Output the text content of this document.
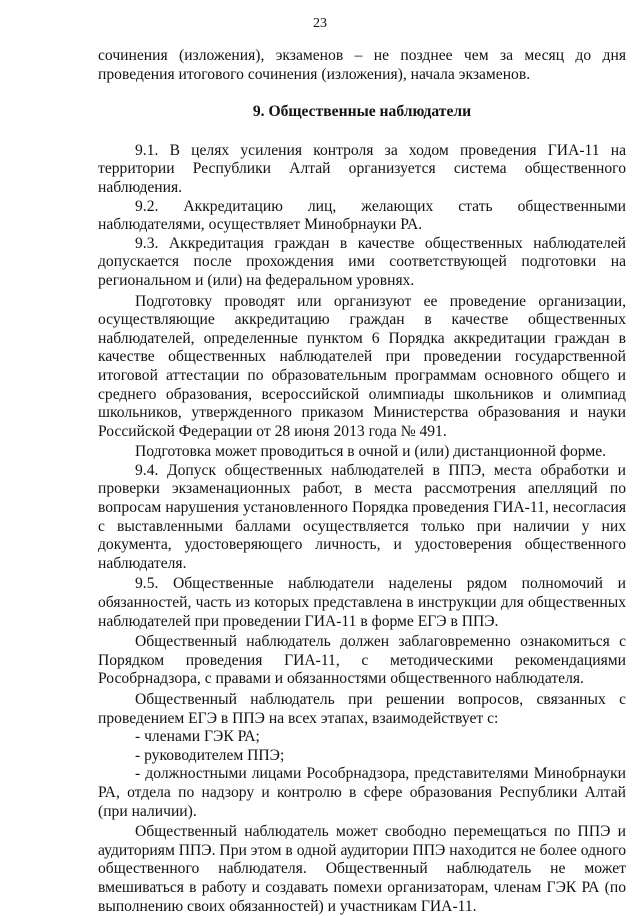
23

сочинения (изложения), экзаменов – не позднее чем за месяц до дня проведения итогового сочинения (изложения), начала экзаменов.

9. Общественные наблюдатели

9.1. В целях усиления контроля за ходом проведения ГИА-11 на территории Республики Алтай организуется система общественного наблюдения.

9.2. Аккредитацию лиц, желающих стать общественными наблюдателями, осуществляет Минобрнауки РА.

9.3. Аккредитация граждан в качестве общественных наблюдателей допускается после прохождения ими соответствующей подготовки на региональном и (или) на федеральном уровнях.

Подготовку проводят или организуют ее проведение организации, осуществляющие аккредитацию граждан в качестве общественных наблюдателей, определенные пунктом 6 Порядка аккредитации граждан в качестве общественных наблюдателей при проведении государственной итоговой аттестации по образовательным программам основного общего и среднего образования, всероссийской олимпиады школьников и олимпиад школьников, утвержденного приказом Министерства образования и науки Российской Федерации от 28 июня 2013 года № 491.

Подготовка может проводиться в очной и (или) дистанционной форме.

9.4. Допуск общественных наблюдателей в ППЭ, места обработки и проверки экзаменационных работ, в места рассмотрения апелляций по вопросам нарушения установленного Порядка проведения ГИА-11, несогласия с выставленными баллами осуществляется только при наличии у них документа, удостоверяющего личность, и удостоверения общественного наблюдателя.

9.5. Общественные наблюдатели наделены рядом полномочий и обязанностей, часть из которых представлена в инструкции для общественных наблюдателей при проведении ГИА-11 в форме ЕГЭ в ППЭ.

Общественный наблюдатель должен заблаговременно ознакомиться с Порядком проведения ГИА-11, с методическими рекомендациями Рособрнадзора, с правами и обязанностями общественного наблюдателя.

Общественный наблюдатель при решении вопросов, связанных с проведением ЕГЭ в ППЭ на всех этапах, взаимодействует с:

- членами ГЭК РА;

- руководителем ППЭ;

- должностными лицами Рособрнадзора, представителями Минобрнауки РА, отдела по надзору и контролю в сфере образования Республики Алтай (при наличии).

Общественный наблюдатель может свободно перемещаться по ППЭ и аудиториям ППЭ. При этом в одной аудитории ППЭ находится не более одного общественного наблюдателя. Общественный наблюдатель не может вмешиваться в работу и создавать помехи организаторам, членам ГЭК РА (по выполнению своих обязанностей) и участникам ГИА-11.
